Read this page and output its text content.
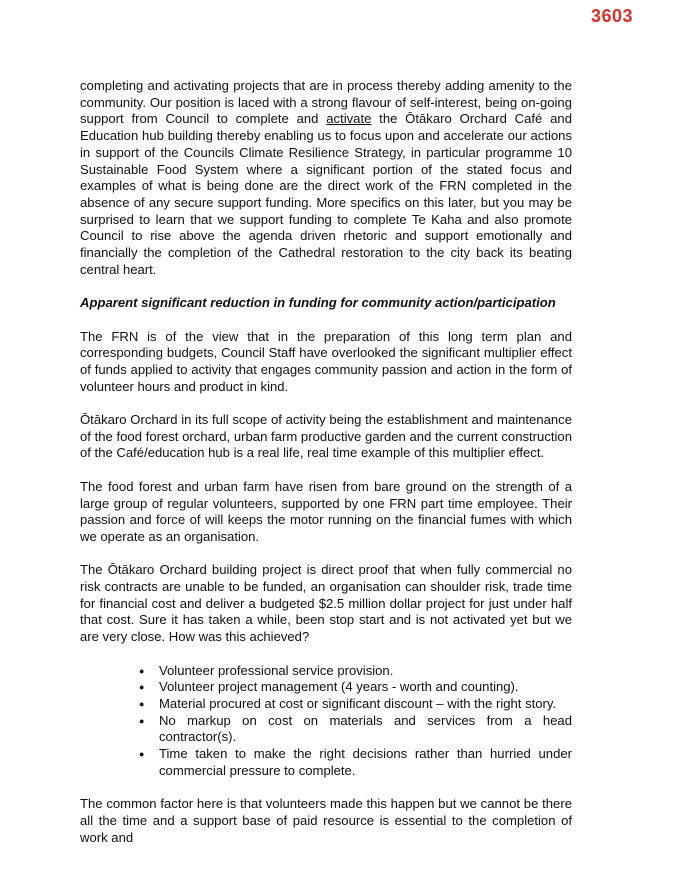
3603

completing and activating projects that are in process thereby adding amenity to the community. Our position is laced with a strong flavour of self-interest, being on-going support from Council to complete and activate the Ōtākaro Orchard Café and Education hub building thereby enabling us to focus upon and accelerate our actions in support of the Councils Climate Resilience Strategy, in particular programme 10 Sustainable Food System where a significant portion of the stated focus and examples of what is being done are the direct work of the FRN completed in the absence of any secure support funding. More specifics on this later, but you may be surprised to learn that we support funding to complete Te Kaha and also promote Council to rise above the agenda driven rhetoric and support emotionally and financially the completion of the Cathedral restoration to the city back its beating central heart.

Apparent significant reduction in funding for community action/participation

The FRN is of the view that in the preparation of this long term plan and corresponding budgets, Council Staff have overlooked the significant multiplier effect of funds applied to activity that engages community passion and action in the form of volunteer hours and product in kind.

Ōtākaro Orchard in its full scope of activity being the establishment and maintenance of the food forest orchard, urban farm productive garden and the current construction of the Café/education hub is a real life, real time example of this multiplier effect.

The food forest and urban farm have risen from bare ground on the strength of a large group of regular volunteers, supported by one FRN part time employee. Their passion and force of will keeps the motor running on the financial fumes with which we operate as an organisation.

The Ōtākaro Orchard building project is direct proof that when fully commercial no risk contracts are unable to be funded, an organisation can shoulder risk, trade time for financial cost and deliver a budgeted $2.5 million dollar project for just under half that cost. Sure it has taken a while, been stop start and is not activated yet but we are very close. How was this achieved?

● Volunteer professional service provision.
● Volunteer project management (4 years - worth and counting).
● Material procured at cost or significant discount – with the right story.
● No markup on cost on materials and services from a head contractor(s).
● Time taken to make the right decisions rather than hurried under commercial pressure to complete.

The common factor here is that volunteers made this happen but we cannot be there all the time and a support base of paid resource is essential to the completion of work and
